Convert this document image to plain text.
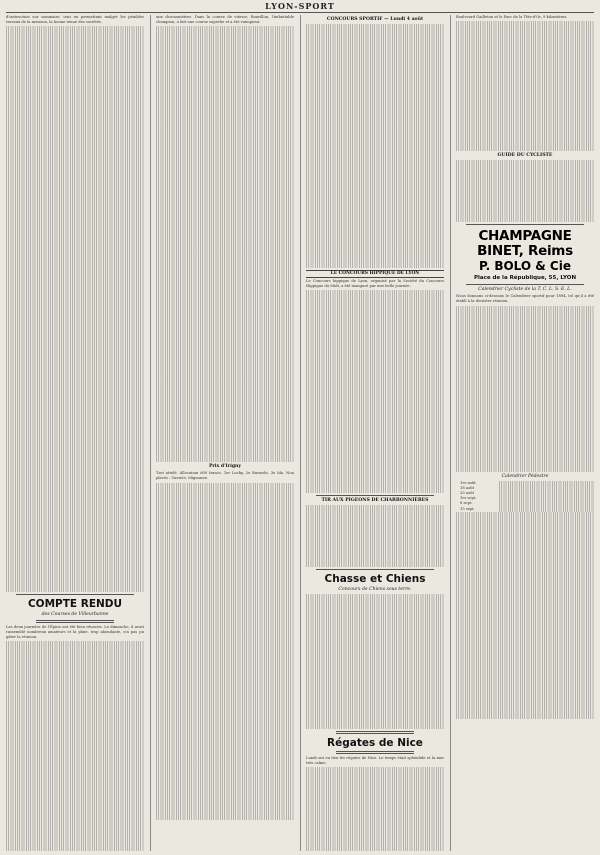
LYON-SPORT

d'instruction sur sommaire, tout en permettant malgré les pénibles travaux de la moisson, la bonne tenue des sociétés.

COMPTE RENDU
des Courses de Villeurbanne

Les deux journées de l'Épine ont été bien réussies. Le dimanche, il avait rassemblé nombreux amateurs et la pluie, trop abondante, n'a pas pu gâter la réunion.

aux chronomètres. Dans la course de vitesse, Bourillon, l'imbattable champion, a fait une course superbe et a été vainqueur.

Prix d'Irigny

Trot attelé. Allocation 600 francs. 1er Lucky, 2e Bavarde, 3e Ida. Non placés : Gaviote, Mignonne.

CONCOURS SPORTIF — Lundi 4 août
LE CONCOURS HIPPIQUE DE LYON

Le Concours hippique de Lyon, organisé par la Société du Concours Hippique du Midi, a été inauguré par une belle journée.

TIR AUX PIGEONS DE CHARBONNIÈRES
Chasse et Chiens
Concours de Chiens sous terre.
Régates de Nice

Lundi ont eu lieu les régates de Nice. Le temps était splendide et la mer très calme.

Boulevard Gailleton et le Parc de la Tête-d'Or, 9 kilomètres.

GUIDE DU CYCLISTE
CHAMPAGNE BINET, Reims
P. BOLO & Cie
Place de la République, 55, LYON
Calendrier Cycliste de la T. C. L. S. E. L.

Nous donnons ci-dessous le Calendrier sportif pour 1894, tel qu'il a été établi à la dernière réunion.

Calendrier Pédestre
1er août
18 août
25 août
1er sept.
8 sept.
15 sept.
